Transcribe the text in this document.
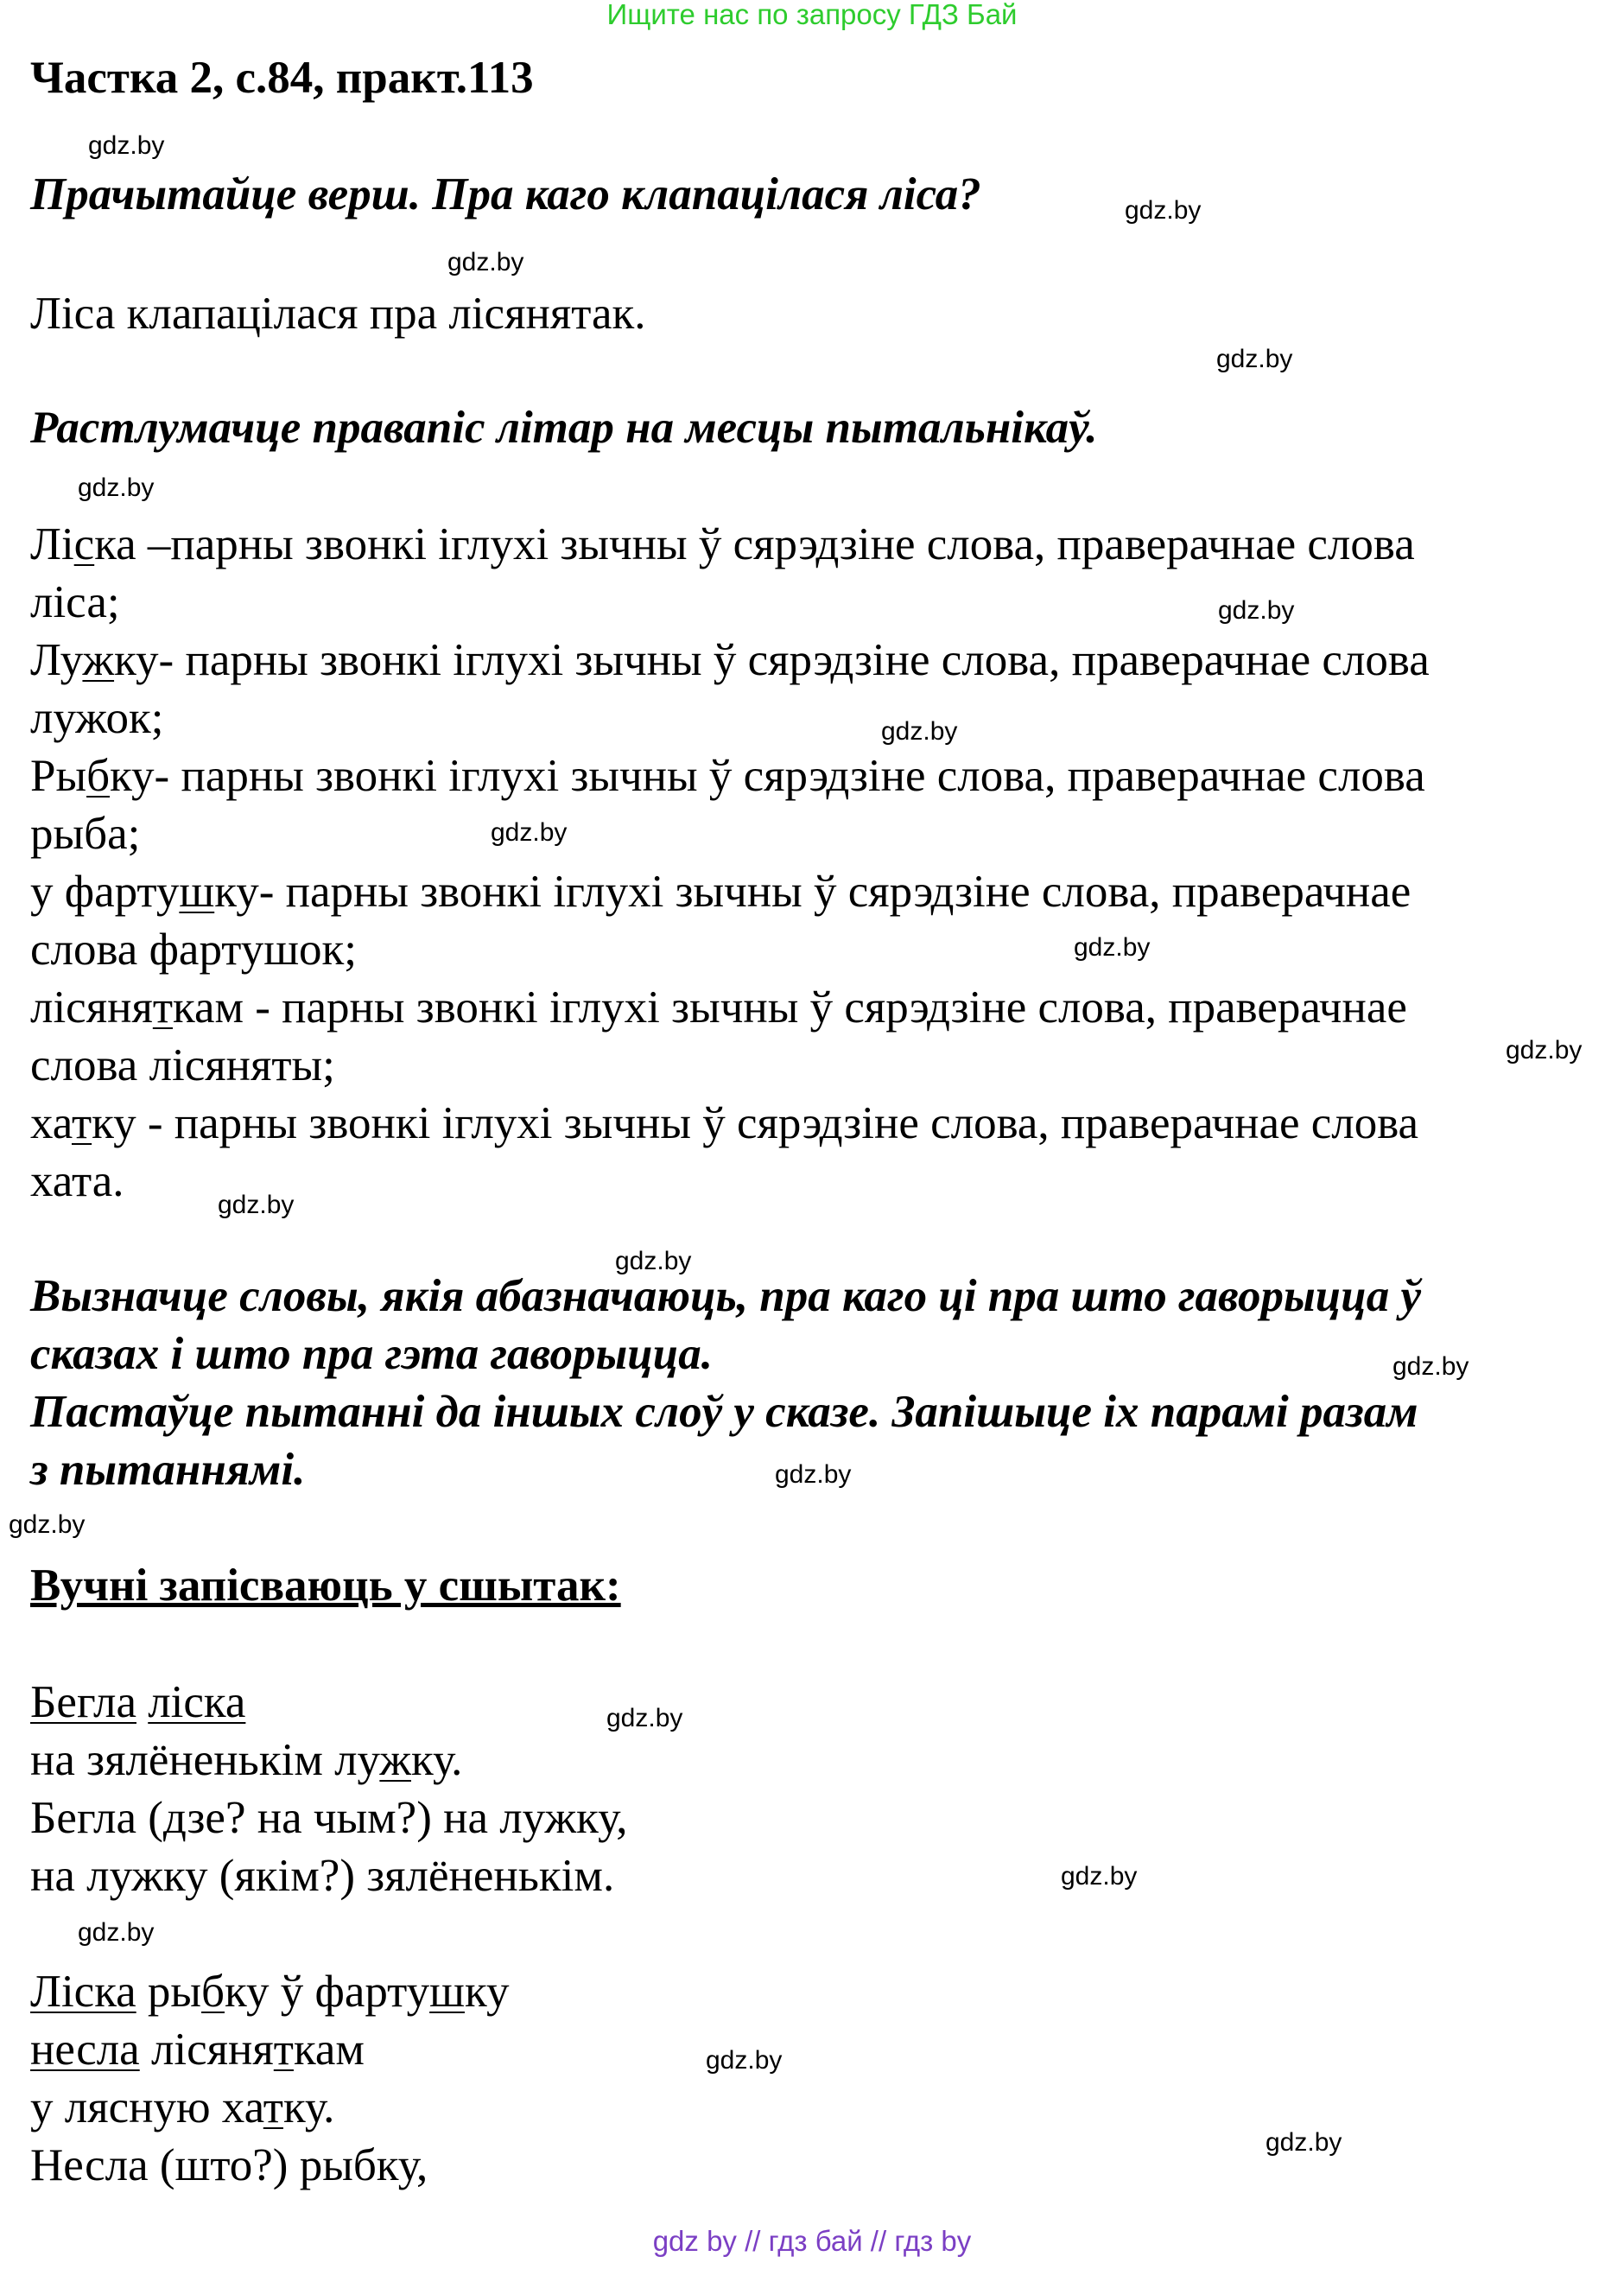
Ищите нас по запросу ГДЗ Бай
Частка 2, с.84, практ.113
gdz.by
Прачытайце верш. Пра каго клапацілася ліса?	gdz.by
gdz.by
Ліса клапацілася пра лісянятак.
gdz.by
Растлумачце правапіс літар на месцы пытальнікаў.
gdz.by
Ліска –парны звонкі іглухі зычны ў сярэдзіне слова, праверачнае слова
ліса;	gdz.by
Лужку- парны звонкі іглухі зычны ў сярэдзіне слова, праверачнае слова
лужок;	gdz.by
Рыбку- парны звонкі іглухі зычны ў сярэдзіне слова, праверачнае слова
рыба;	gdz.by
у фартушку- парны звонкі іглухі зычны ў сярэдзіне слова, праверачнае
слова фартушок;	gdz.by
лісяняткам - парны звонкі іглухі зычны ў сярэдзіне слова, праверачнае
слова лісяняты;	gdz.by
хатку - парны звонкі іглухі зычны ў сярэдзіне слова, праверачнае слова
хата.	gdz.by
gdz.by
Вызначце словы, якія абазначаюць, пра каго ці пра што гаворыцца ў
сказах і што пра гэта гаворыцца.	gdz.by
Пастаўце пытанні да іншых слоў у сказе. Запішыце іх парамі разам
з пытаннямі.	gdz.by
gdz.by
Вучні запісваюць у сшытак:
Бегла ліска	gdz.by
на зялёненькім лужку.
Бегла (дзе? на чым?) на лужку,
на лужку (якім?) зялёненькім.	gdz.by
gdz.by
Ліска рыбку ў фартушку
несла лісяняткам	gdz.by
у лясную хатку.
gdz.by
Несла (што?) рыбку,
gdz by // гдз бай // гдз by
